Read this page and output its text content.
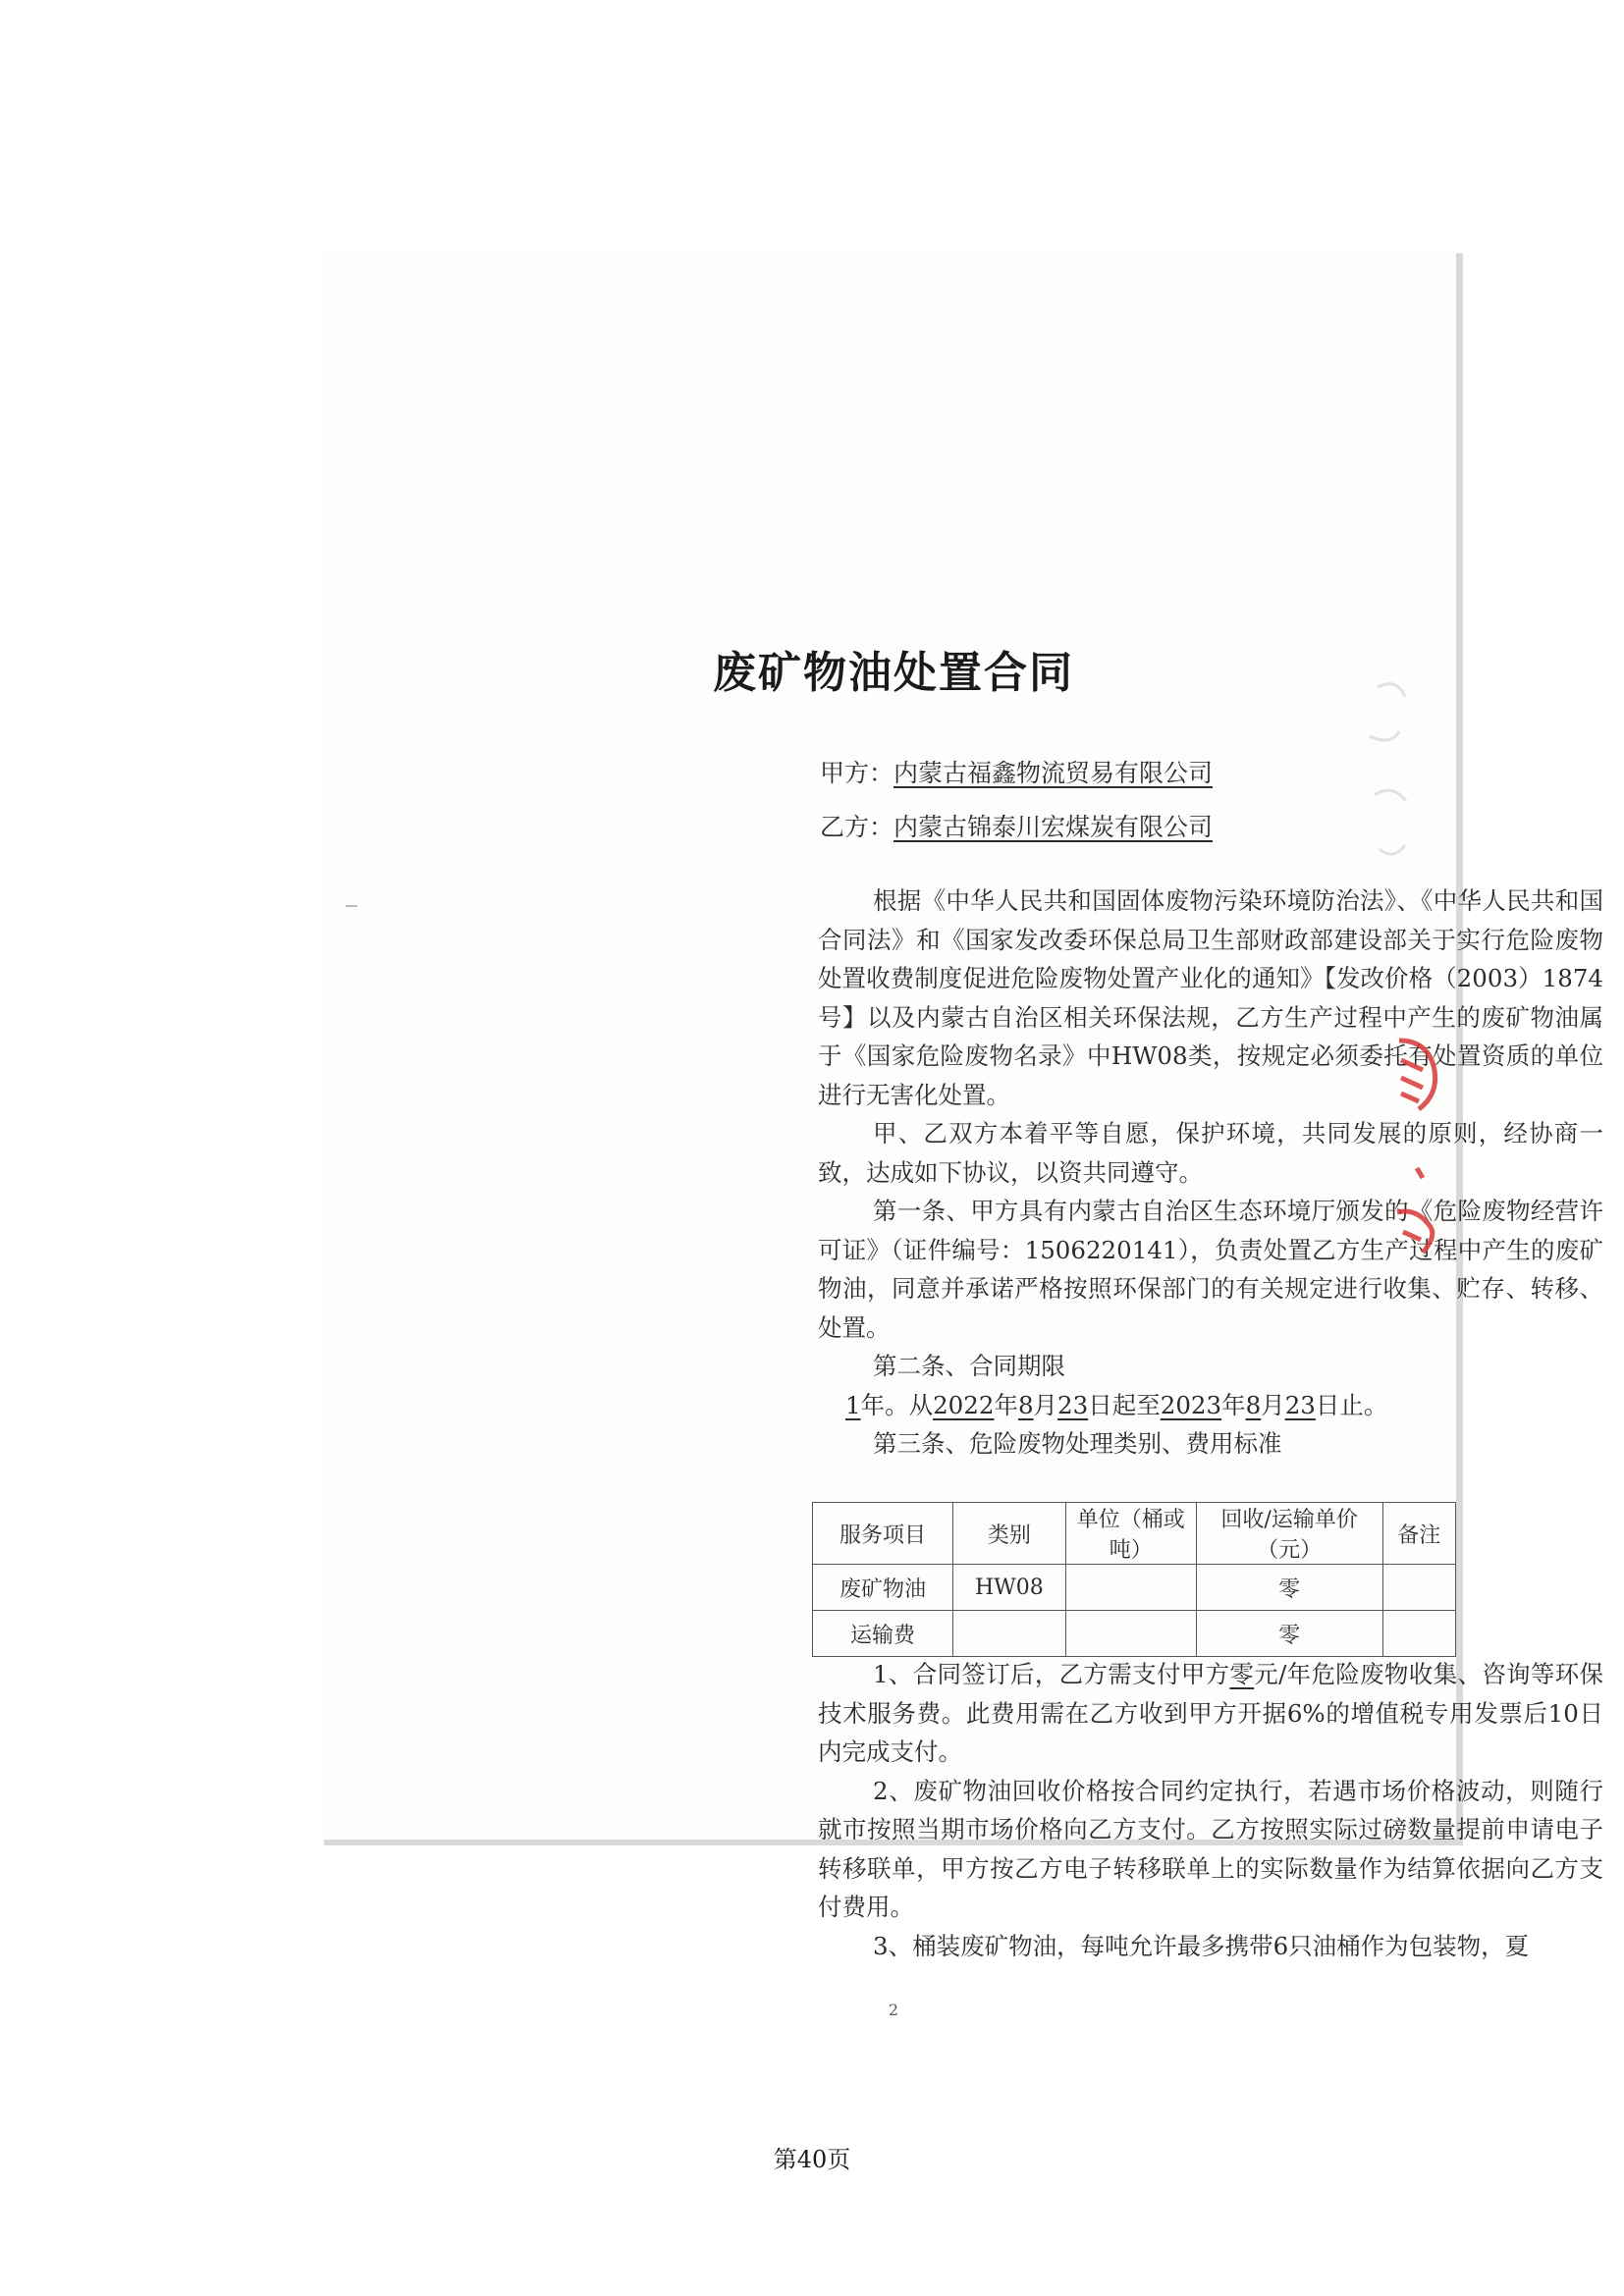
废矿物油处置合同
甲方：内蒙古福鑫物流贸易有限公司
乙方：内蒙古锦泰川宏煤炭有限公司

根据《中华人民共和国固体废物污染环境防治法》、《中华人民共和国合同法》和《国家发改委环保总局卫生部财政部建设部关于实行危险废物处置收费制度促进危险废物处置产业化的通知》【发改价格（2003）1874号】以及内蒙古自治区相关环保法规，乙方生产过程中产生的废矿物油属于《国家危险废物名录》中HW08类，按规定必须委托有处置资质的单位进行无害化处置。

甲、乙双方本着平等自愿，保护环境，共同发展的原则，经协商一致，达成如下协议，以资共同遵守。

第一条、甲方具有内蒙古自治区生态环境厅颁发的《危险废物经营许可证》（证件编号：1506220141），负责处置乙方生产过程中产生的废矿物油，同意并承诺严格按照环保部门的有关规定进行收集、贮存、转移、处置。

第二条、合同期限

1年。从2022年8月23日起至2023年8月23日止。

第三条、危险废物处理类别、费用标准

服务项目	类别	单位（桶或吨）	回收/运输单价（元）	备注
废矿物油	HW08		零	
运输费			零	

1、合同签订后，乙方需支付甲方零元/年危险废物收集、咨询等环保技术服务费。此费用需在乙方收到甲方开据6%的增值税专用发票后10日内完成支付。

2、废矿物油回收价格按合同约定执行，若遇市场价格波动，则随行就市按照当期市场价格向乙方支付。乙方按照实际过磅数量提前申请电子转移联单，甲方按乙方电子转移联单上的实际数量作为结算依据向乙方支付费用。

3、桶装废矿物油，每吨允许最多携带6只油桶作为包装物，夏

2
第40页
